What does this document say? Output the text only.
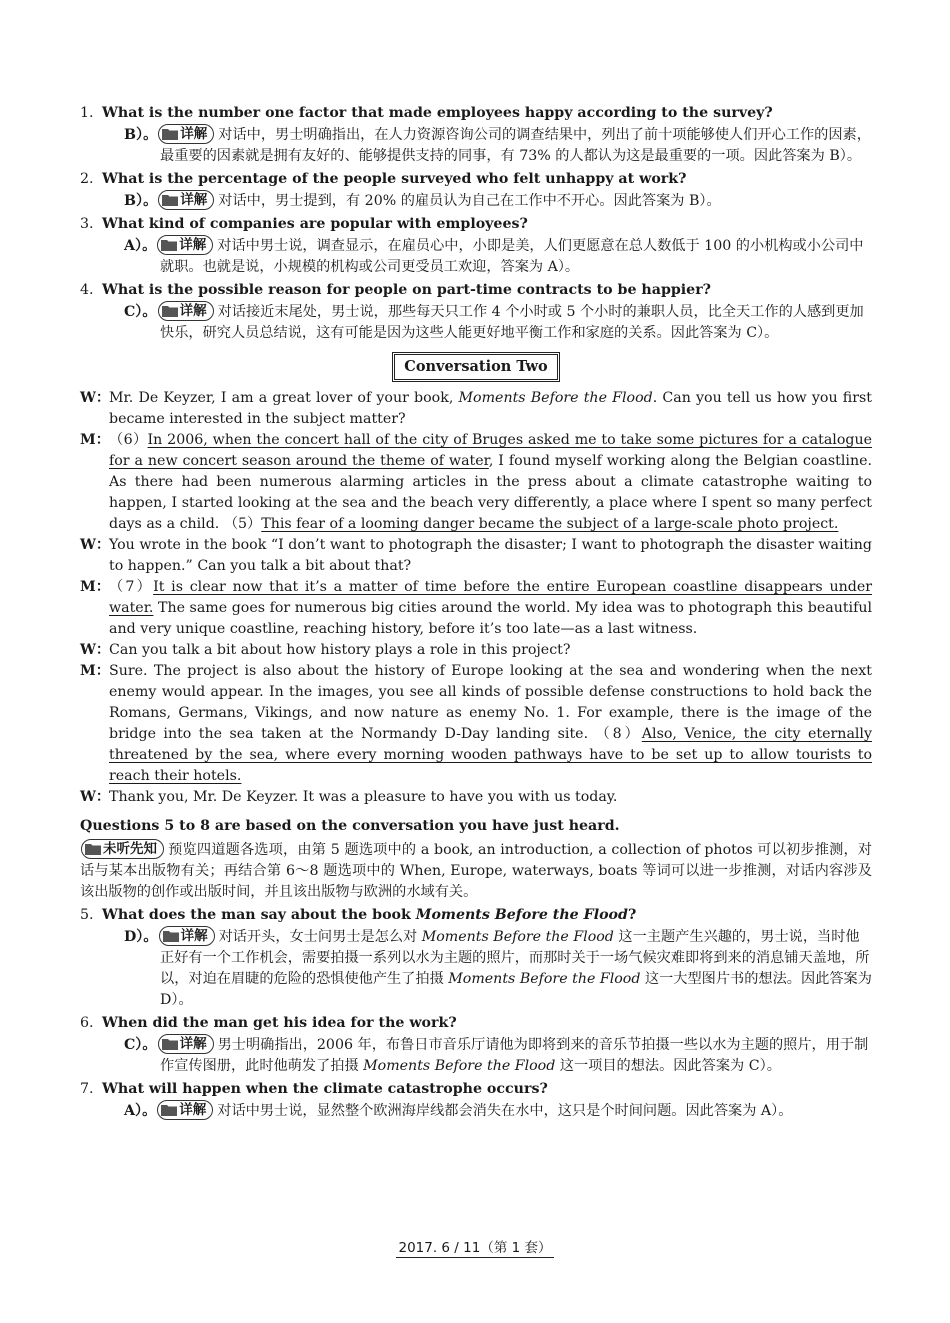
1. What is the number one factor that made employees happy according to the survey?
B）。 详解 对话中，男士明确指出，在人力资源咨询公司的调查结果中，列出了前十项能够使人们开心工作的因素，最重要的因素就是拥有友好的、能够提供支持的同事，有 73% 的人都认为这是最重要的一项。因此答案为 B）。
2. What is the percentage of the people surveyed who felt unhappy at work?
B）。 详解 对话中，男士提到，有 20% 的雇员认为自己在工作中不开心。因此答案为 B）。
3. What kind of companies are popular with employees?
A）。 详解 对话中男士说，调查显示，在雇员心中，小即是美，人们更愿意在总人数低于 100 的小机构或小公司中就职。也就是说，小规模的机构或公司更受员工欢迎，答案为 A）。
4. What is the possible reason for people on part-time contracts to be happier?
C）。 详解 对话接近末尾处，男士说，那些每天只工作 4 个小时或 5 个小时的兼职人员，比全天工作的人感到更加快乐，研究人员总结说，这有可能是因为这些人能更好地平衡工作和家庭的关系。因此答案为 C）。
Conversation Two
W：
Mr. De Keyzer, I am a great lover of your book, Moments Before the Flood. Can you tell us how you first became interested in the subject matter?
M： （6）In 2006, when the concert hall of the city of Bruges asked me to take some pictures for a catalogue for a new concert season around the theme of water, I found myself working along the Belgian coastline. As there had been numerous alarming articles in the press about a climate catastrophe waiting to happen, I started looking at the sea and the beach very differently, a place where I spent so many perfect days as a child. （5）This fear of a looming danger became the subject of a large-scale photo project.
W：
You wrote in the book “I don’t want to photograph the disaster; I want to photograph the disaster waiting to happen.” Can you talk a bit about that?
M： （7）It is clear now that it’s a matter of time before the entire European coastline disappears under water. The same goes for numerous big cities around the world. My idea was to photograph this beautiful and very unique coastline, reaching history, before it’s too late—as a last witness.
W：
Can you talk a bit about how history plays a role in this project?
M： Sure. The project is also about the history of Europe looking at the sea and wondering when the next enemy would appear. In the images, you see all kinds of possible defense constructions to hold back the Romans, Germans, Vikings, and now nature as enemy No. 1. For example, there is the image of the bridge into the sea taken at the Normandy D-Day landing site. （8）Also, Venice, the city eternally threatened by the sea, where every morning wooden pathways have to be set up to allow tourists to reach their hotels.
W：
Thank you, Mr. De Keyzer. It was a pleasure to have you with us today.
Questions 5 to 8 are based on the conversation you have just heard.
未听先知 预览四道题各选项，由第 5 题选项中的 a book, an introduction, a collection of photos 可以初步推测，对话与某本出版物有关；再结合第 6～8 题选项中的 When, Europe, waterways, boats 等词可以进一步推测，对话内容涉及该出版物的创作或出版时间，并且该出版物与欧洲的水域有关。
5. What does the man say about the book Moments Before the Flood?
D）。 详解 对话开头，女士问男士是怎么对 Moments Before the Flood 这一主题产生兴趣的，男士说，当时他正好有一个工作机会，需要拍摄一系列以水为主题的照片，而那时关于一场气候灾难即将到来的消息铺天盖地，所以，对迫在眉睫的危险的恐惧使他产生了拍摄 Moments Before the Flood 这一大型图片书的想法。因此答案为 D）。
6. When did the man get his idea for the work?
C）。 详解 男士明确指出，2006 年，布鲁日市音乐厅请他为即将到来的音乐节拍摄一些以水为主题的照片，用于制作宣传图册，此时他萌发了拍摄 Moments Before the Flood 这一项目的想法。因此答案为 C）。
7. What will happen when the climate catastrophe occurs?
A）。 详解 对话中男士说，显然整个欧洲海岸线都会消失在水中，这只是个时间问题。因此答案为 A）。
2017. 6 / 11（第 1 套）
